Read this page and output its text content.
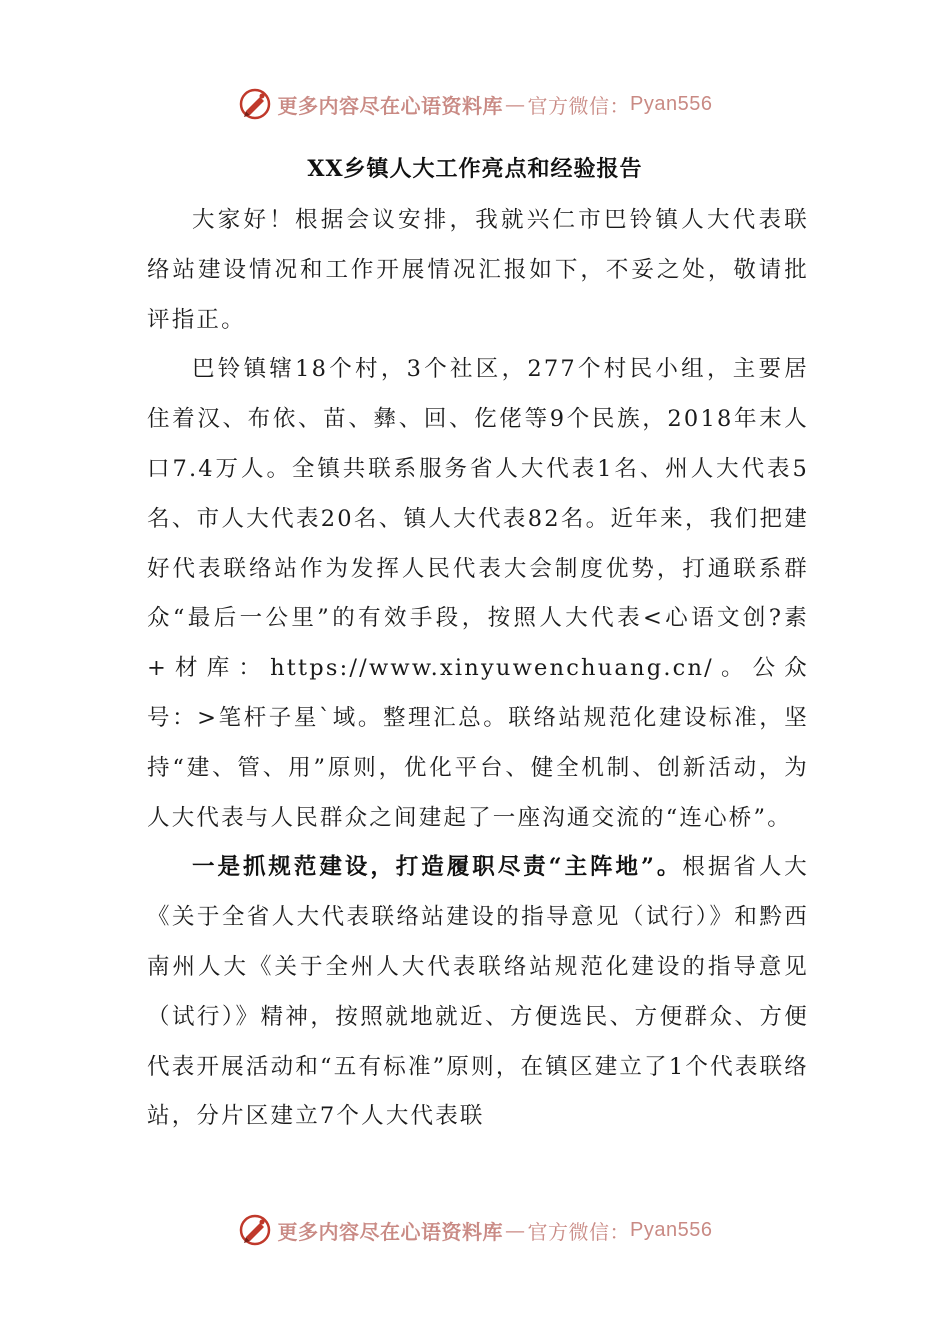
更多内容尽在心语资料库 — 官方微信： Pyan556
XX乡镇人大工作亮点和经验报告

大家好！根据会议安排，我就兴仁市巴铃镇人大代表联络站建设情况和工作开展情况汇报如下，不妥之处，敬请批评指正。

巴铃镇辖18个村，3个社区，277个村民小组，主要居住着汉、布依、苗、彝、回、仡佬等9个民族，2018年末人口7.4万人。全镇共联系服务省人大代表1名、州人大代表5名、市人大代表20名、镇人大代表82名。近年来，我们把建好代表联络站作为发挥人民代表大会制度优势，打通联系群众“最后一公里”的有效手段，按照人大代表<心语文创?素+材库：https://www.xinyuwenchuang.cn/。公众号：>笔杆子星`域。整理汇总。联络站规范化建设标准，坚持“建、管、用”原则，优化平台、健全机制、创新活动，为人大代表与人民群众之间建起了一座沟通交流的“连心桥”。

一是抓规范建设，打造履职尽责“主阵地”。根据省人大《关于全省人大代表联络站建设的指导意见（试行）》和黔西南州人大《关于全州人大代表联络站规范化建设的指导意见（试行）》精神，按照就地就近、方便选民、方便群众、方便代表开展活动和“五有标准”原则，在镇区建立了1个代表联络站，分片区建立7个人大代表联

更多内容尽在心语资料库 — 官方微信： Pyan556
